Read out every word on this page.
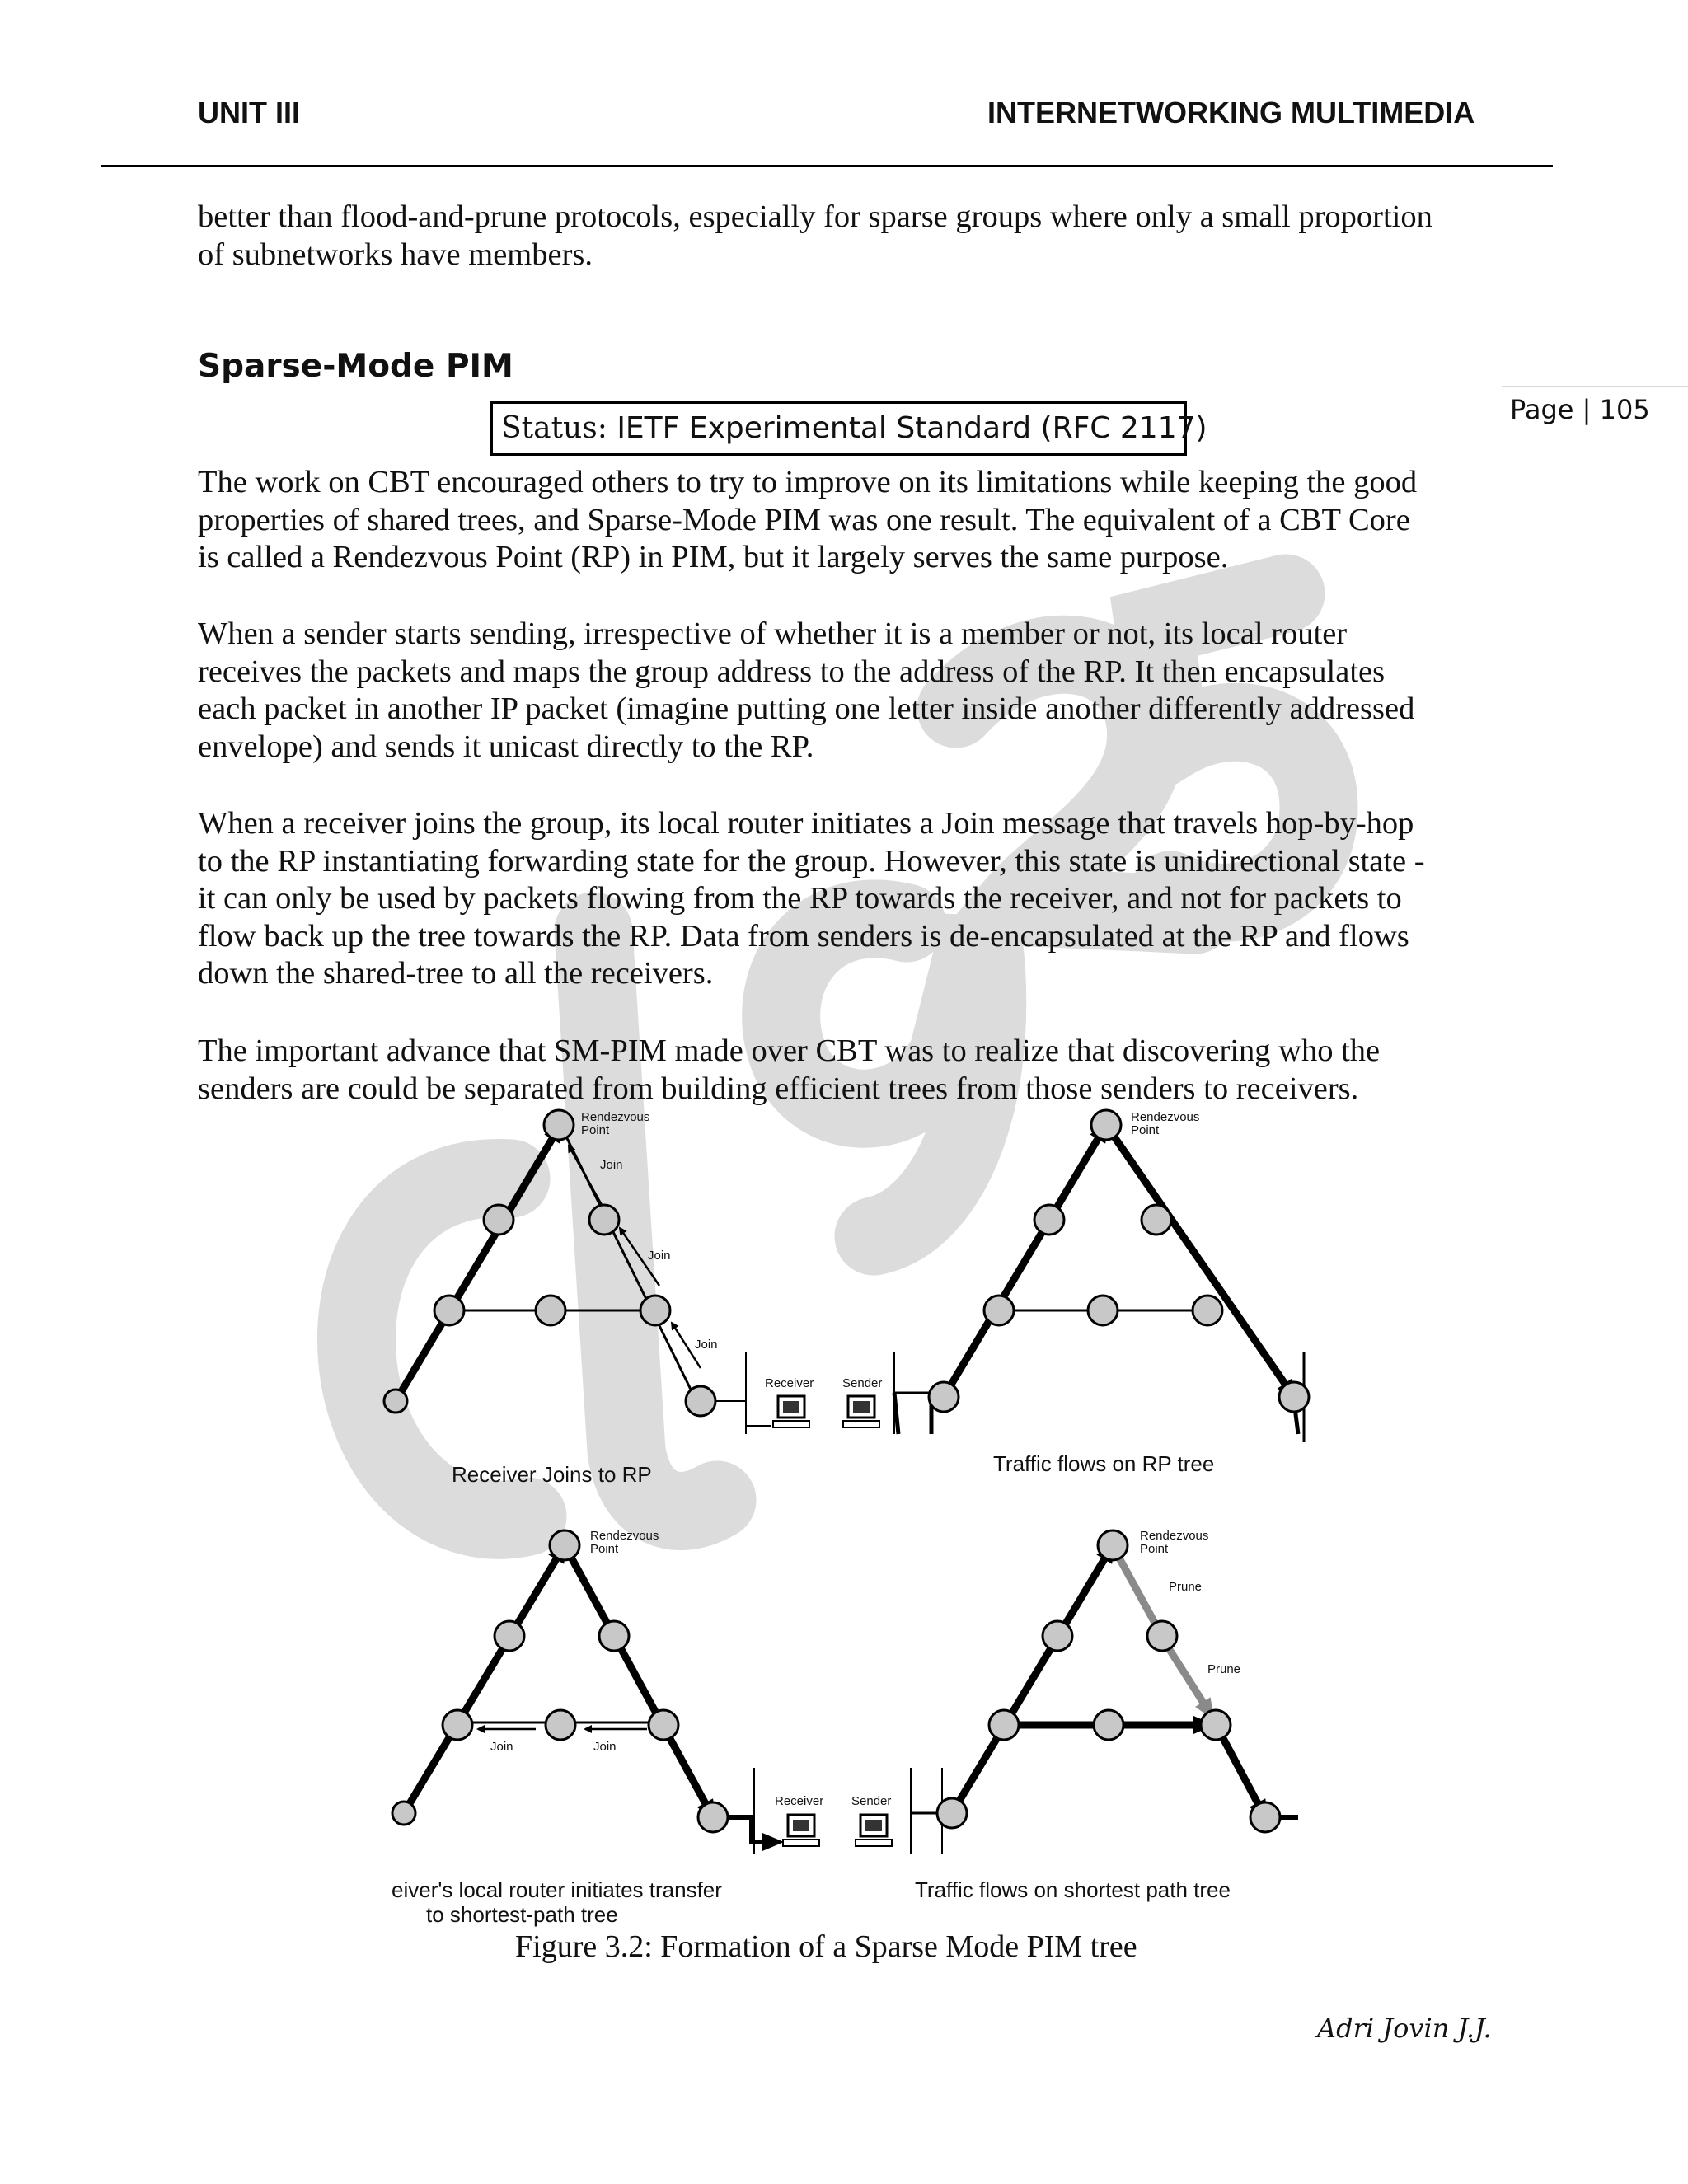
UNIT III	INTERNETWORKING MULTIMEDIA
better than flood-and-prune protocols, especially for sparse groups where only a small proportion
of subnetworks have members.
Sparse-Mode PIM
Page | 105
Status: IETF Experimental Standard (RFC 2117)
The work on CBT encouraged others to try to improve on its limitations while keeping the good
properties of shared trees, and Sparse-Mode PIM was one result. The equivalent of a CBT Core
is called a Rendezvous Point (RP) in PIM, but it largely serves the same purpose.
When a sender starts sending, irrespective of whether it is a member or not, its local router
receives the packets and maps the group address to the address of the RP. It then encapsulates
each packet in another IP packet (imagine putting one letter inside another differently addressed
envelope) and sends it unicast directly to the RP.
When a receiver joins the group, its local router initiates a Join message that travels hop-by-hop
to the RP instantiating forwarding state for the group. However, this state is unidirectional state -
it can only be used by packets flowing from the RP towards the receiver, and not for packets to
flow back up the tree towards the RP. Data from senders is de-encapsulated at the RP and flows
down the shared-tree to all the receivers.
The important advance that SM-PIM made over CBT was to realize that discovering who the
senders are could be separated from building efficient trees from those senders to receivers.
Rendezvous
Point
Join
Join
Join
Receiver Sender
Receiver Joins to RP
Rendezvous
Point
Traffic flows on RP tree
Rendezvous
Point
Join	Join
Receiver Sender
eiver's local router initiates transfer
to shortest-path tree
Rendezvous
Point
Prune
Prune
Traffic flows on shortest path tree
Figure 3.2: Formation of a Sparse Mode PIM tree
Adri Jovin J.J.
